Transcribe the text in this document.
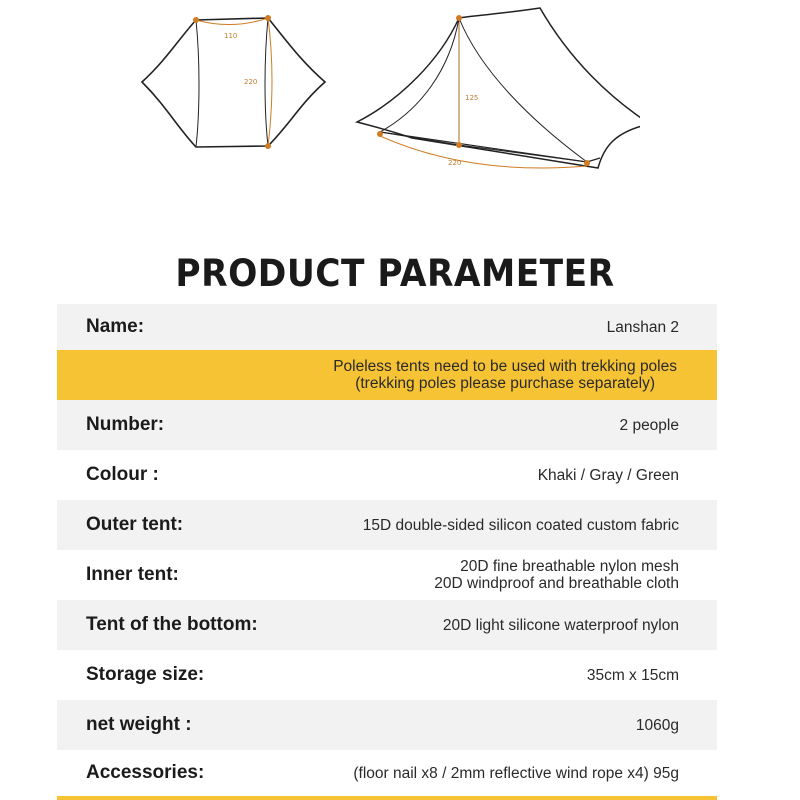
110
220
125
220
PRODUCT PARAMETER
Name:	Lanshan 2
Poleless tents need to be used with trekking poles
(trekking poles please purchase separately)
Number:	2 people
Colour :	Khaki / Gray / Green
Outer tent:	15D double-sided silicon coated custom fabric
Inner tent:	20D fine breathable nylon mesh
20D windproof and breathable cloth
Tent of the bottom:	20D light silicone waterproof nylon
Storage size:	35cm x 15cm
net weight :	1060g
Accessories:	(floor nail x8 / 2mm reflective wind rope x4) 95g
